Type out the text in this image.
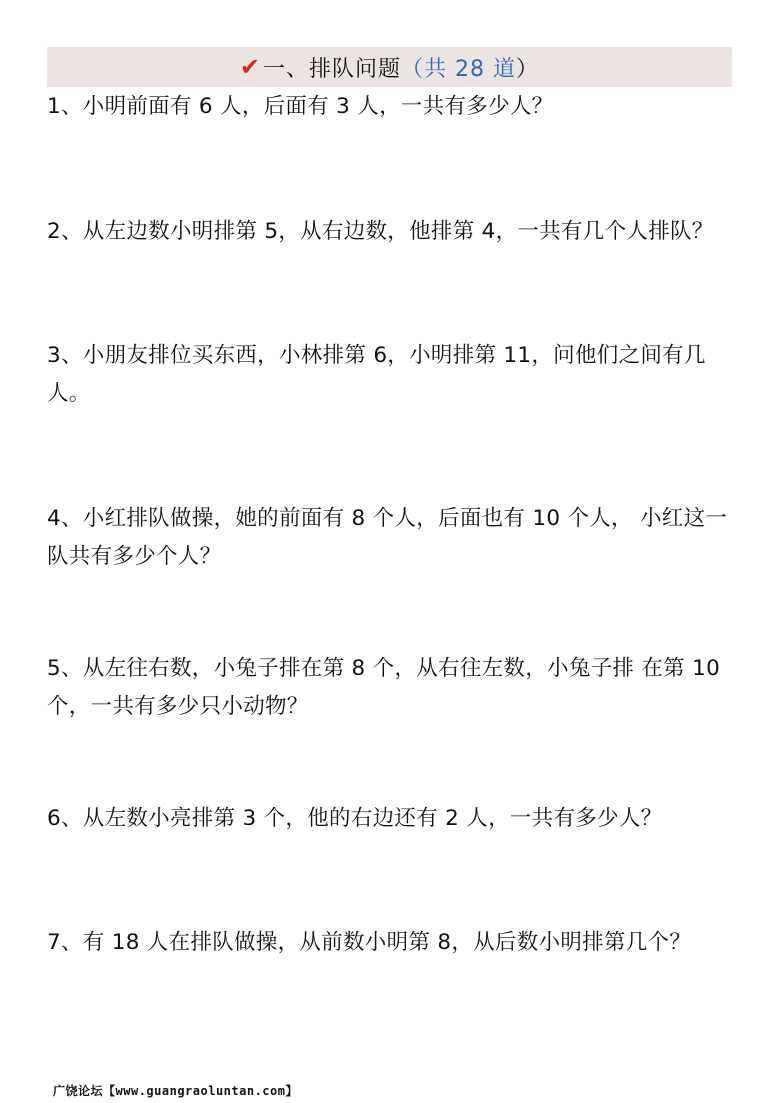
✔ 一、排队问题 （ 共 28 道 ）

1、小明前面有 6 人，后面有 3 人，一共有多少人？

2、从左边数小明排第 5，从右边数，他排第 4，一共有几个人排队？

3、小朋友排位买东西，小林排第 6，小明排第 11，问他们之间有几人。

4、小红排队做操，她的前面有 8 个人，后面也有 10 个人， 小红这一队共有多少个人？

5、从左往右数，小兔子排在第 8 个，从右往左数，小兔子排 在第 10 个，一共有多少只小动物？

6、从左数小亮排第 3 个，他的右边还有 2 人，一共有多少人？

7、有 18 人在排队做操，从前数小明第 8，从后数小明排第几个？

广饶论坛【www.guangraoluntan.com】
